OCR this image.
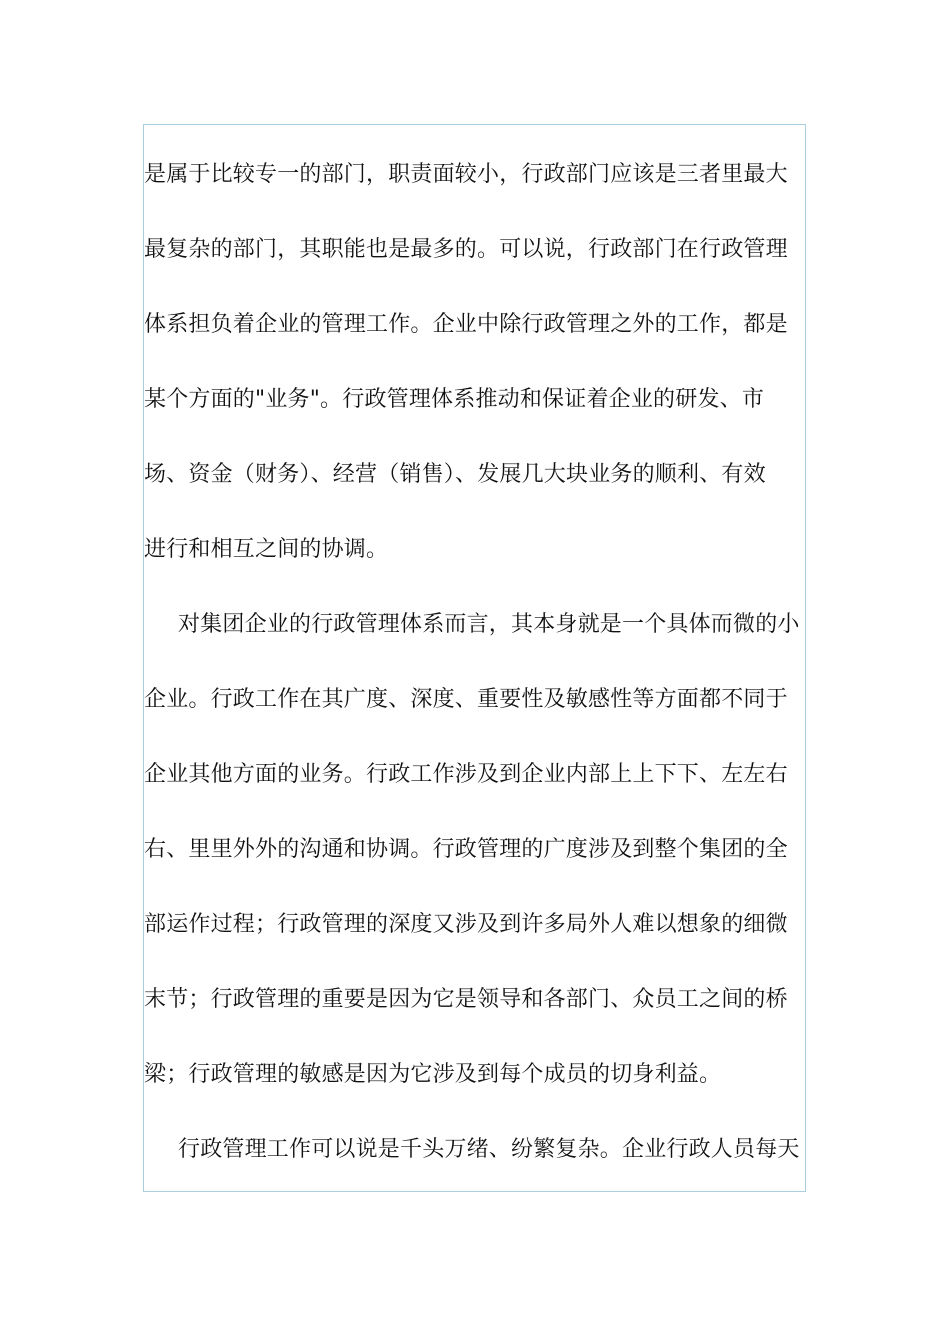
是属于比较专一的部门，职责面较小，行政部门应该是三者里最大
最复杂的部门，其职能也是最多的。可以说，行政部门在行政管理
体系担负着企业的管理工作。企业中除行政管理之外的工作，都是
某个方面的"业务"。行政管理体系推动和保证着企业的研发、市
场、资金（财务）、经营（销售）、发展几大块业务的顺利、有效
进行和相互之间的协调。
对集团企业的行政管理体系而言，其本身就是一个具体而微的小
企业。行政工作在其广度、深度、重要性及敏感性等方面都不同于
企业其他方面的业务。行政工作涉及到企业内部上上下下、左左右
右、里里外外的沟通和协调。行政管理的广度涉及到整个集团的全
部运作过程；行政管理的深度又涉及到许多局外人难以想象的细微
末节；行政管理的重要是因为它是领导和各部门、众员工之间的桥
梁；行政管理的敏感是因为它涉及到每个成员的切身利益。
行政管理工作可以说是千头万绪、纷繁复杂。企业行政人员每天
